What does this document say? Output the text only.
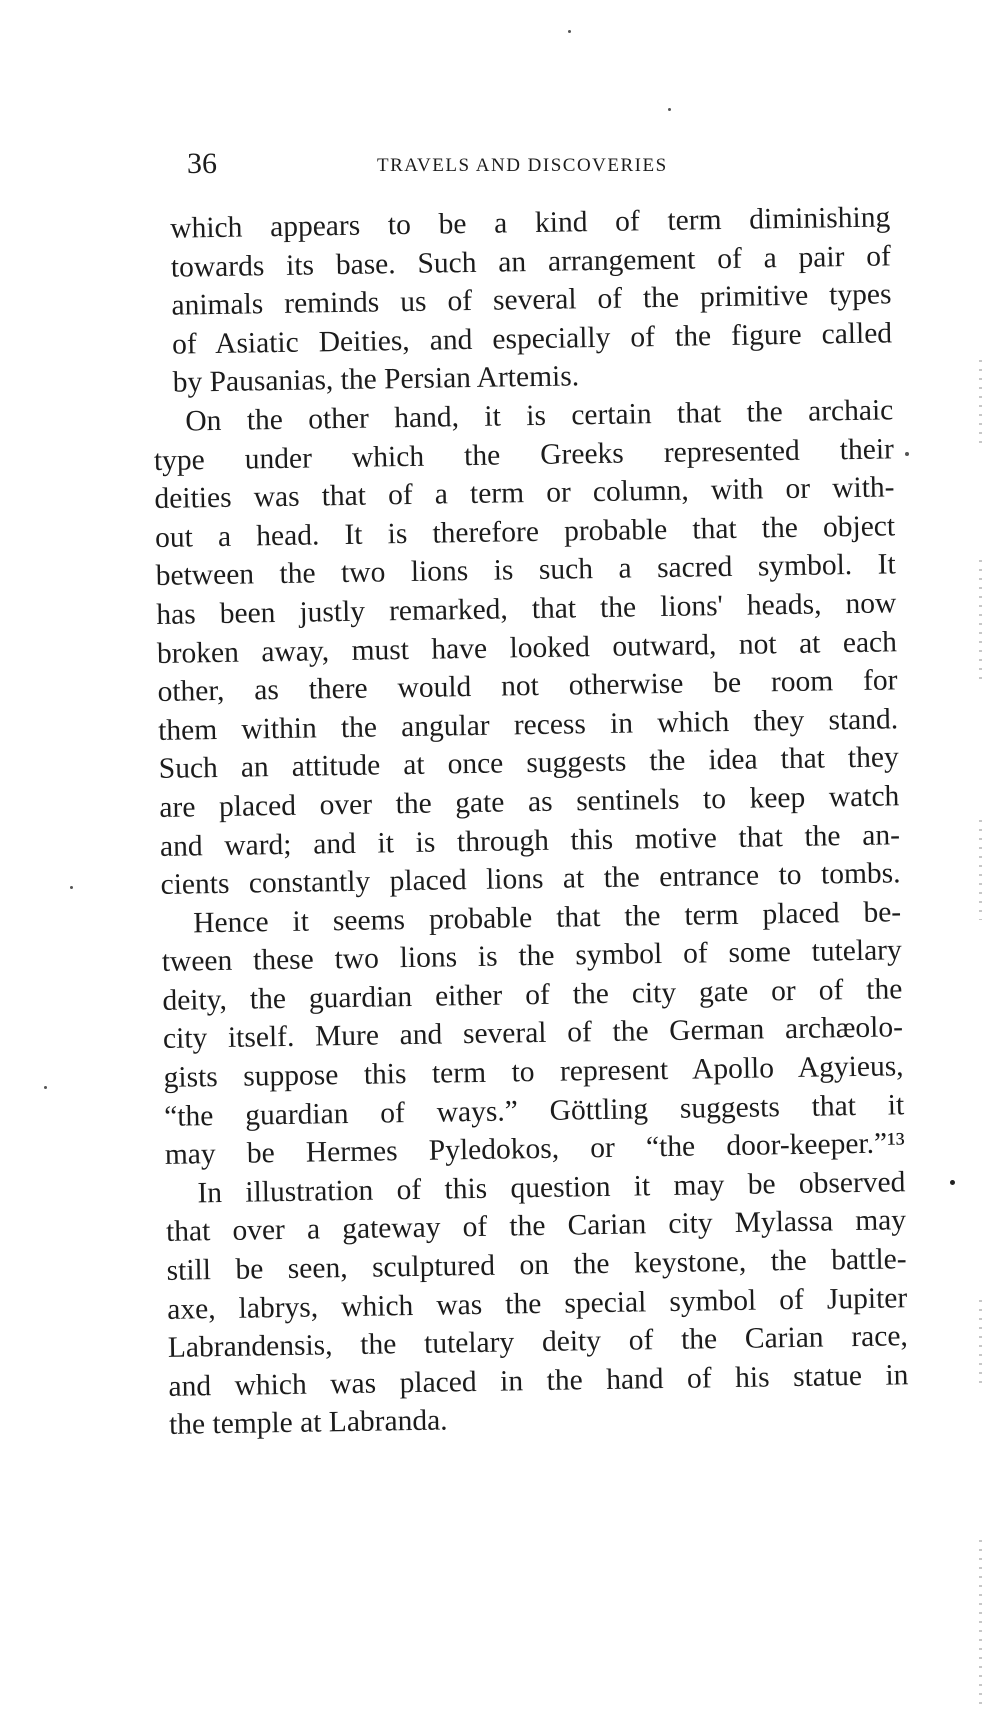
36	TRAVELS AND DISCOVERIES

which appears to be a kind of term diminishing
towards its base. Such an arrangement of a pair of
animals reminds us of several of the primitive types
of Asiatic Deities, and especially of the figure called
by Pausanias, the Persian Artemis.

On the other hand, it is certain that the archaic
type under which the Greeks represented their
deities was that of a term or column, with or with-
out a head. It is therefore probable that the object
between the two lions is such a sacred symbol. It
has been justly remarked, that the lions' heads, now
broken away, must have looked outward, not at each
other, as there would not otherwise be room for
them within the angular recess in which they stand.
Such an attitude at once suggests the idea that they
are placed over the gate as sentinels to keep watch
and ward; and it is through this motive that the an-
cients constantly placed lions at the entrance to tombs.

Hence it seems probable that the term placed be-
tween these two lions is the symbol of some tutelary
deity, the guardian either of the city gate or of the
city itself. Mure and several of the German archæolo-
gists suppose this term to represent Apollo Agyieus,
“the guardian of ways.” Göttling suggests that it
may be Hermes Pyledokos, or “the door-keeper.”¹³

In illustration of this question it may be observed
that over a gateway of the Carian city Mylassa may
still be seen, sculptured on the keystone, the battle-
axe, labrys, which was the special symbol of Jupiter
Labrandensis, the tutelary deity of the Carian race,
and which was placed in the hand of his statue in
the temple at Labranda.
